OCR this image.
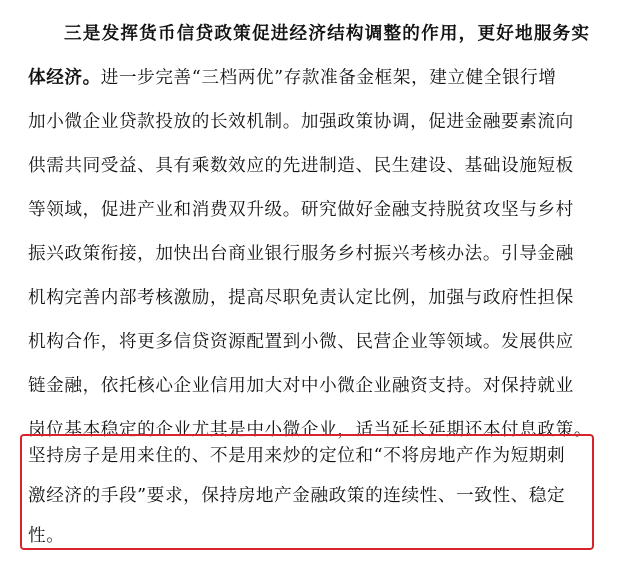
三是发挥货币信贷政策促进经济结构调整的作用，更好地服务实
体经济。进一步完善“三档两优”存款准备金框架，建立健全银行增
加小微企业贷款投放的长效机制。加强政策协调，促进金融要素流向
供需共同受益、具有乘数效应的先进制造、民生建设、基础设施短板
等领域，促进产业和消费双升级。研究做好金融支持脱贫攻坚与乡村
振兴政策衔接，加快出台商业银行服务乡村振兴考核办法。引导金融
机构完善内部考核激励，提高尽职免责认定比例，加强与政府性担保
机构合作，将更多信贷资源配置到小微、民营企业等领域。发展供应
链金融，依托核心企业信用加大对中小微企业融资支持。对保持就业
岗位基本稳定的企业尤其是中小微企业，适当延长延期还本付息政策。
坚持房子是用来住的、不是用来炒的定位和“不将房地产作为短期刺
激经济的手段”要求，保持房地产金融政策的连续性、一致性、稳定
性。
